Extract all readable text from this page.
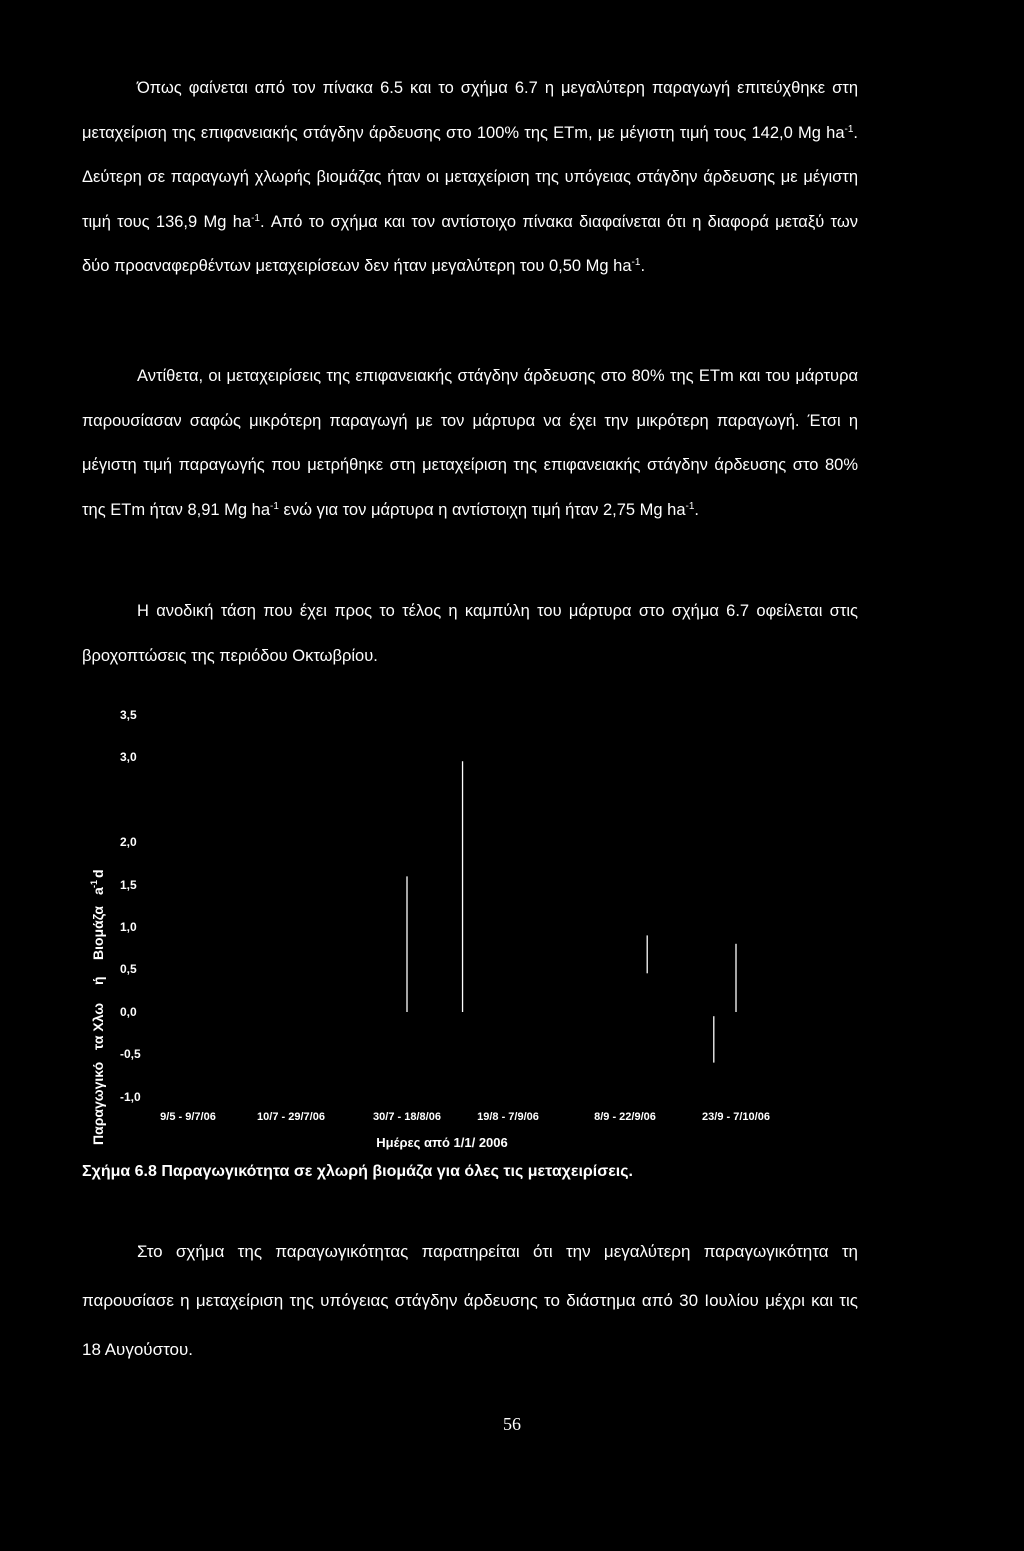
Όπως φαίνεται από τον πίνακα 6.5 και το σχήμα 6.7 η μεγαλύτερη παραγωγή επιτεύχθηκε στη μεταχείριση της επιφανειακής στάγδην άρδευσης στο 100% της ETm, με μέγιστη τιμή τους 142,0 Mg $ha^{-1}$. Δεύτερη σε παραγωγή χλωρής βιομάζας ήταν οι μεταχείριση της υπόγειας στάγδην άρδευσης με μέγιστη τιμή τους 136,9 Mg $ha^{-1}$. Από το σχήμα και τον αντίστοιχο πίνακα διαφαίνεται ότι η διαφορά μεταξύ των δύο προαναφερθέντων μεταχειρίσεων δεν ήταν μεγαλύτερη του 0,50 Mg $ha^{-1}$.

Αντίθετα, οι μεταχειρίσεις της επιφανειακής στάγδην άρδευσης στο 80% της ETm και του μάρτυρα παρουσίασαν σαφώς μικρότερη παραγωγή με τον μάρτυρα να έχει την μικρότερη παραγωγή. Έτσι η μέγιστη τιμή παραγωγής που μετρήθηκε στη μεταχείριση της επιφανειακής στάγδην άρδευσης στο 80% της ETm ήταν 8,91 Mg $ha^{-1}$ ενώ για τον μάρτυρα η αντίστοιχη τιμή ήταν 2,75 Mg $ha^{-1}$.

Η ανοδική τάση που έχει προς το τέλος η καμπύλη του μάρτυρα στο σχήμα 6.7 οφείλεται στις βροχοπτώσεις της περιόδου Οκτωβρίου.

Παραγωγικό
τα Χλω
ή
Βιομάζα
a
-1
d
3,5
3,0
2,0
1,5
1,0
0,5
0,0
-0,5
-1,0
9/5 - 9/7/06	10/7 - 29/7/06	30/7 - 18/8/06	19/8 - 7/9/06	8/9 - 22/9/06	23/9 - 7/10/06
Ημέρες από 1/1/ 2006

Σχήμα 6.8 Παραγωγικότητα σε χλωρή βιομάζα για όλες τις μεταχειρίσεις.

Στο σχήμα της παραγωγικότητας παρατηρείται ότι την μεγαλύτερη παραγωγικότητα τη παρουσίασε η μεταχείριση της υπόγειας στάγδην άρδευσης το διάστημα από 30 Ιουλίου μέχρι και τις 18 Αυγούστου.

56
